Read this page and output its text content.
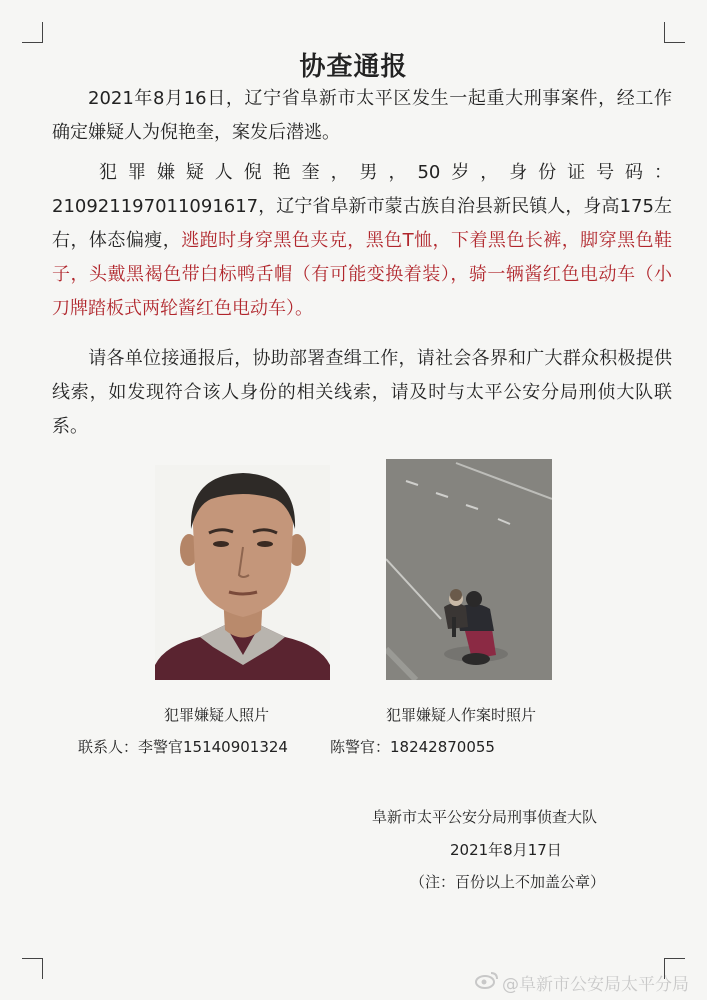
协查通报
2021年8月16日，辽宁省阜新市太平区发生一起重大刑事案件，经工作确定嫌疑人为倪艳奎，案发后潜逃。
犯罪嫌疑人倪艳奎，男，50岁，身份证号码：210921197011091617，辽宁省阜新市蒙古族自治县新民镇人，身高175左右，体态偏瘦，逃跑时身穿黑色夹克，黑色T恤，下着黑色长裤，脚穿黑色鞋子，头戴黑褐色带白标鸭舌帽（有可能变换着装），骑一辆酱红色电动车（小刀牌踏板式两轮酱红色电动车）。
请各单位接通报后，协助部署查缉工作，请社会各界和广大群众积极提供线索，如发现符合该人身份的相关线索，请及时与太平公安分局刑侦大队联系。
犯罪嫌疑人照片	犯罪嫌疑人作案时照片
联系人：李警官15140901324	陈警官：18242870055
阜新市太平公安分局刑事侦查大队
2021年8月17日
（注：百份以上不加盖公章）
@阜新市公安局太平分局
